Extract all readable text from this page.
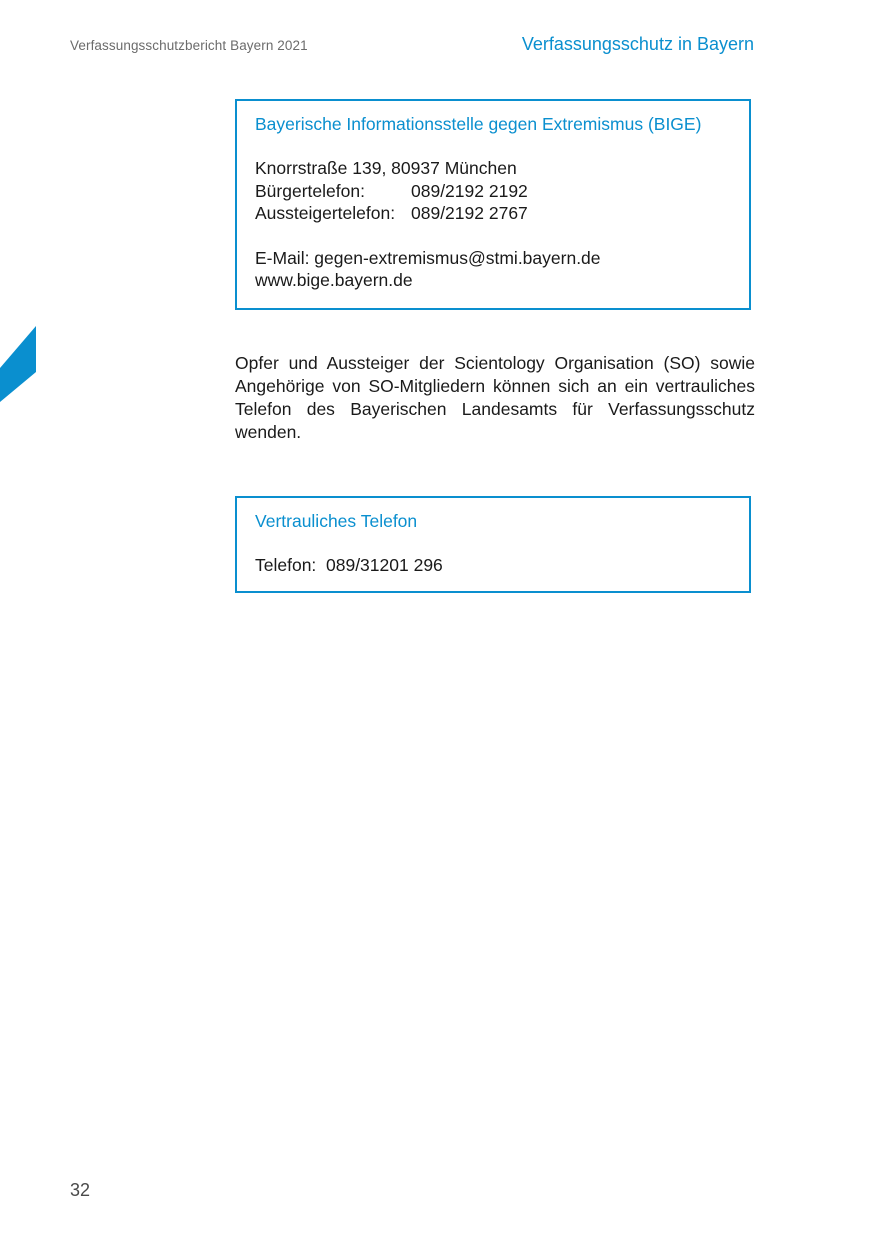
Verfassungsschutzbericht Bayern 2021	Verfassungsschutz in Bayern
Bayerische Informationsstelle gegen Extremismus (BIGE)
Knorrstraße 139, 80937 München
Bürgertelefon:	089/2192 2192
Aussteigertelefon: 089/2192 2767
E-Mail: gegen-extremismus@stmi.bayern.de
www.bige.bayern.de
Opfer und Aussteiger der Scientology Organisation (SO) sowie Angehörige von SO-Mitgliedern können sich an ein vertrauliches Telefon des Bayerischen Landesamts für Verfassungsschutz wenden.
Vertrauliches Telefon
Telefon: 089/31201 296
32
